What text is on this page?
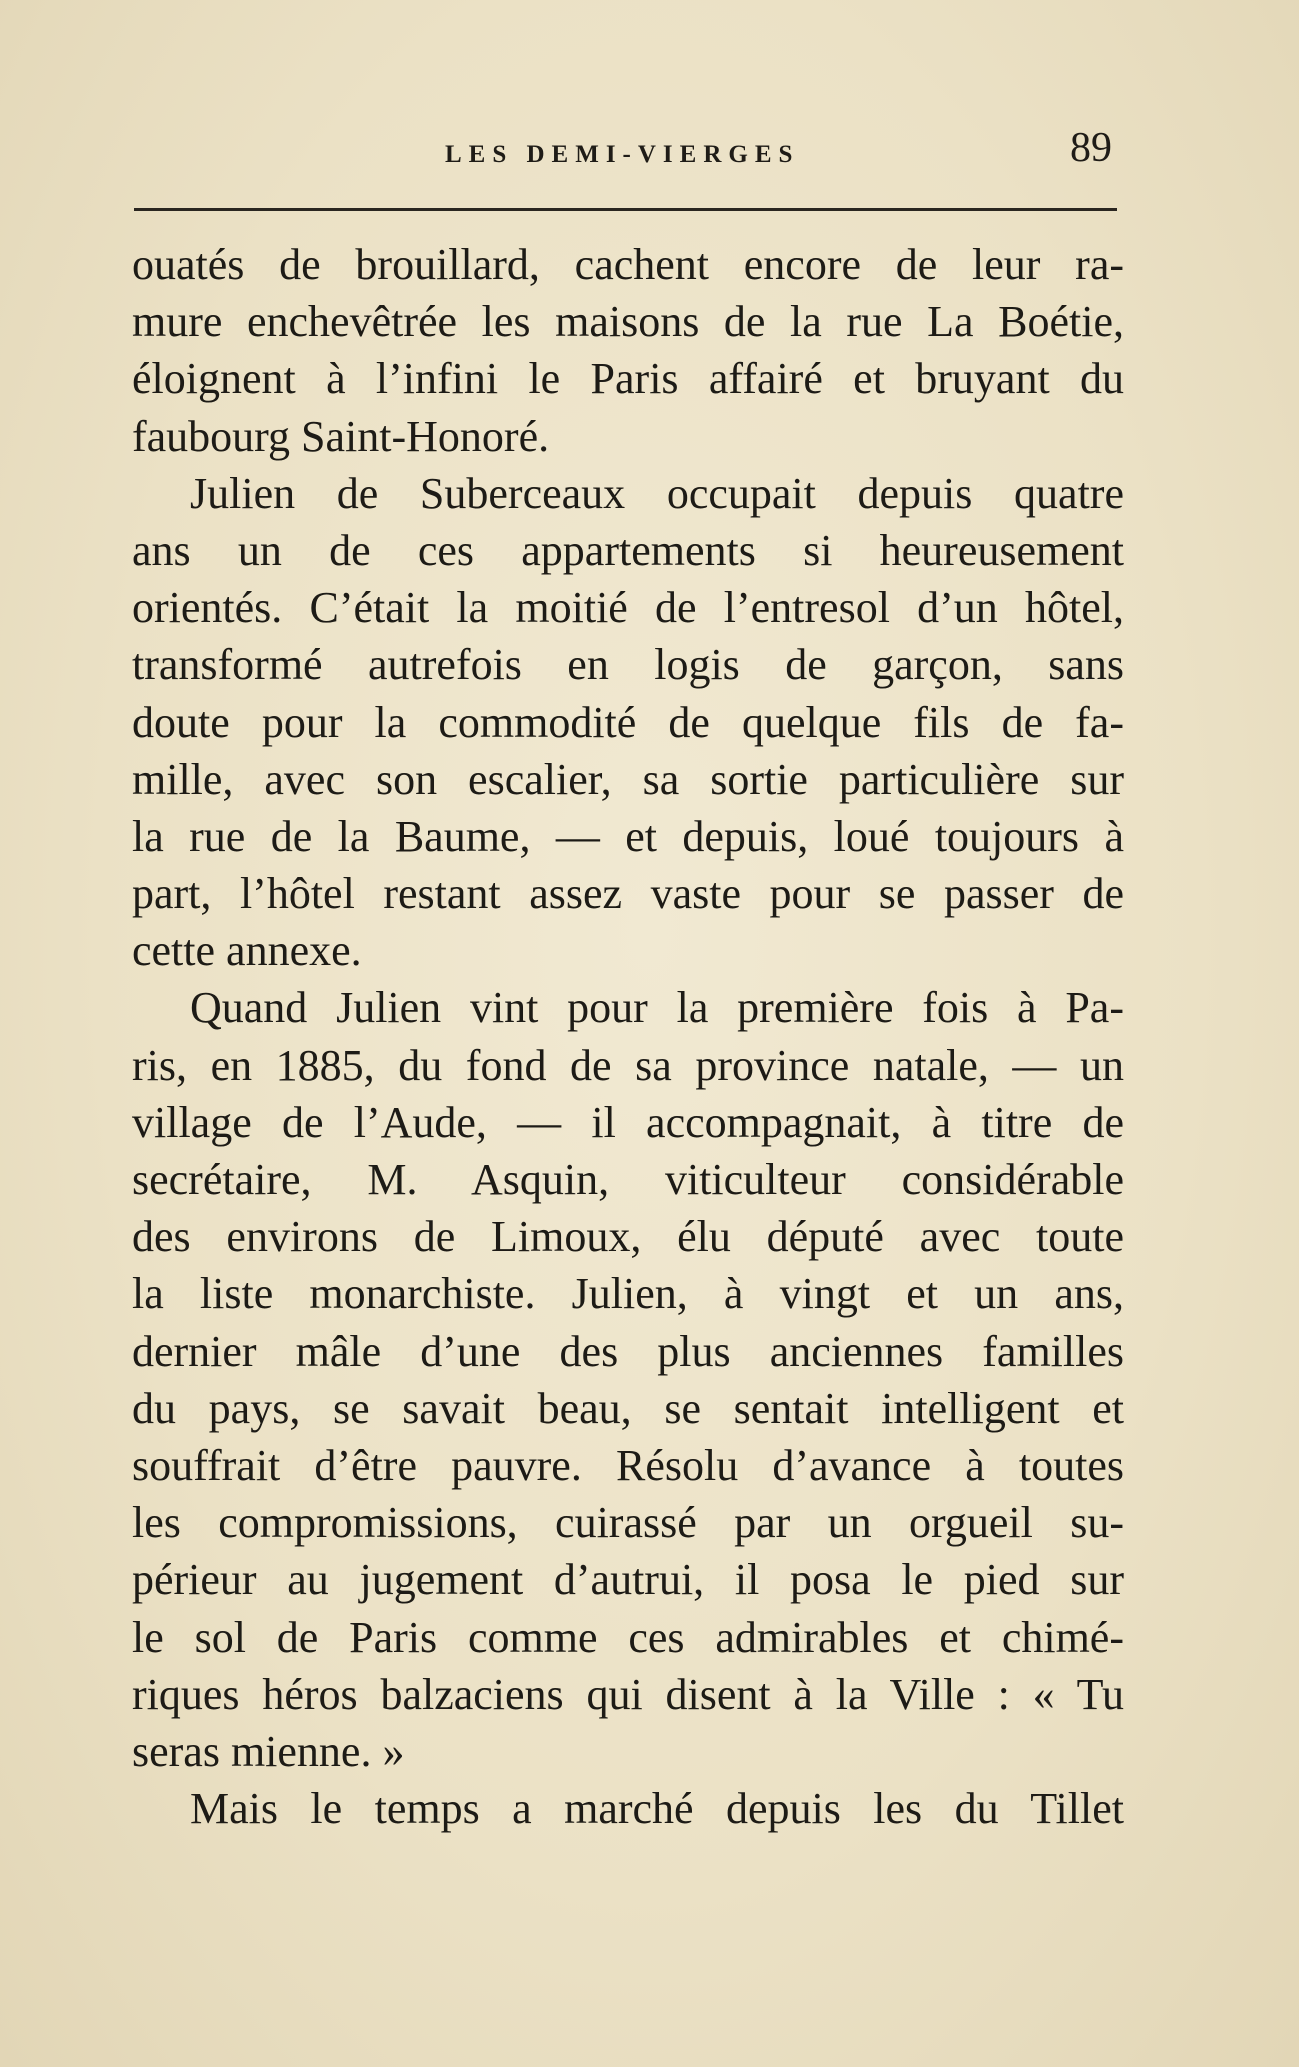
LES DEMI-VIERGES	89
ouatés de brouillard, cachent encore de leur ra-
mure enchevêtrée les maisons de la rue La Boétie,
éloignent à l’infini le Paris affairé et bruyant du
faubourg Saint-Honoré.
Julien de Suberceaux occupait depuis quatre
ans un de ces appartements si heureusement
orientés. C’était la moitié de l’entresol d’un hôtel,
transformé autrefois en logis de garçon, sans
doute pour la commodité de quelque fils de fa-
mille, avec son escalier, sa sortie particulière sur
la rue de la Baume, — et depuis, loué toujours à
part, l’hôtel restant assez vaste pour se passer de
cette annexe.
Quand Julien vint pour la première fois à Pa-
ris, en 1885, du fond de sa province natale, — un
village de l’Aude, — il accompagnait, à titre de
secrétaire, M. Asquin, viticulteur considérable
des environs de Limoux, élu député avec toute
la liste monarchiste. Julien, à vingt et un ans,
dernier mâle d’une des plus anciennes familles
du pays, se savait beau, se sentait intelligent et
souffrait d’être pauvre. Résolu d’avance à toutes
les compromissions, cuirassé par un orgueil su-
périeur au jugement d’autrui, il posa le pied sur
le sol de Paris comme ces admirables et chimé-
riques héros balzaciens qui disent à la Ville : « Tu
seras mienne. »
Mais le temps a marché depuis les du Tillet
